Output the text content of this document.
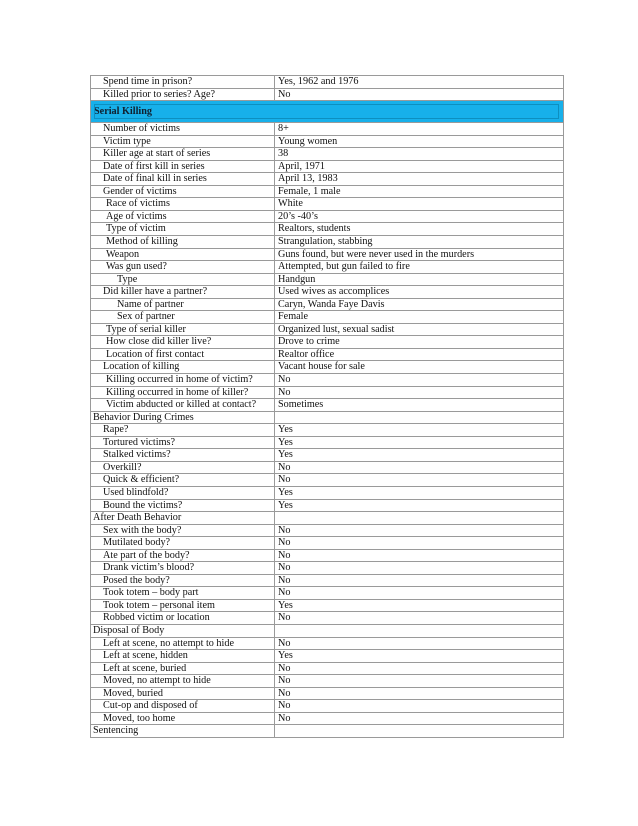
Spend time in prison?	Yes, 1962 and 1976
Killed prior to series? Age?	No
Serial Killing	

Number of victims	8+
Victim type	Young women
Killer age at start of series	38
Date of first kill in series	April, 1971
Date of final kill in series	April 13, 1983
Gender of victims	Female, 1 male
Race of victims	White
Age of victims	20’s -40’s
Type of victim	Realtors, students
Method of killing	Strangulation, stabbing
Weapon	Guns found, but were never used in the murders
Was gun used?	Attempted, but gun failed to fire
Type	Handgun
Did killer have a partner?	Used wives as accomplices
Name of partner	Caryn, Wanda Faye Davis
Sex of partner	Female
Type of serial killer	Organized lust, sexual sadist
How close did killer live?	Drove to crime
Location of first contact	Realtor office
Location of killing	Vacant house for sale
Killing occurred in home of victim?	No
Killing occurred in home of killer?	No
Victim abducted or killed at contact?	Sometimes
Behavior During Crimes	
Rape?	Yes
Tortured victims?	Yes
Stalked victims?	Yes
Overkill?	No
Quick & efficient?	No
Used blindfold?	Yes
Bound the victims?	Yes
After Death Behavior	
Sex with the body?	No
Mutilated body?	No
Ate part of the body?	No
Drank victim’s blood?	No
Posed the body?	No
Took totem – body part	No
Took totem – personal item	Yes
Robbed victim or location	No
Disposal of Body	
Left at scene, no attempt to hide	No
Left at scene, hidden	Yes
Left at scene, buried	No
Moved, no attempt to hide	No
Moved, buried	No
Cut-op and disposed of	No
Moved, too home	No
Sentencing	
